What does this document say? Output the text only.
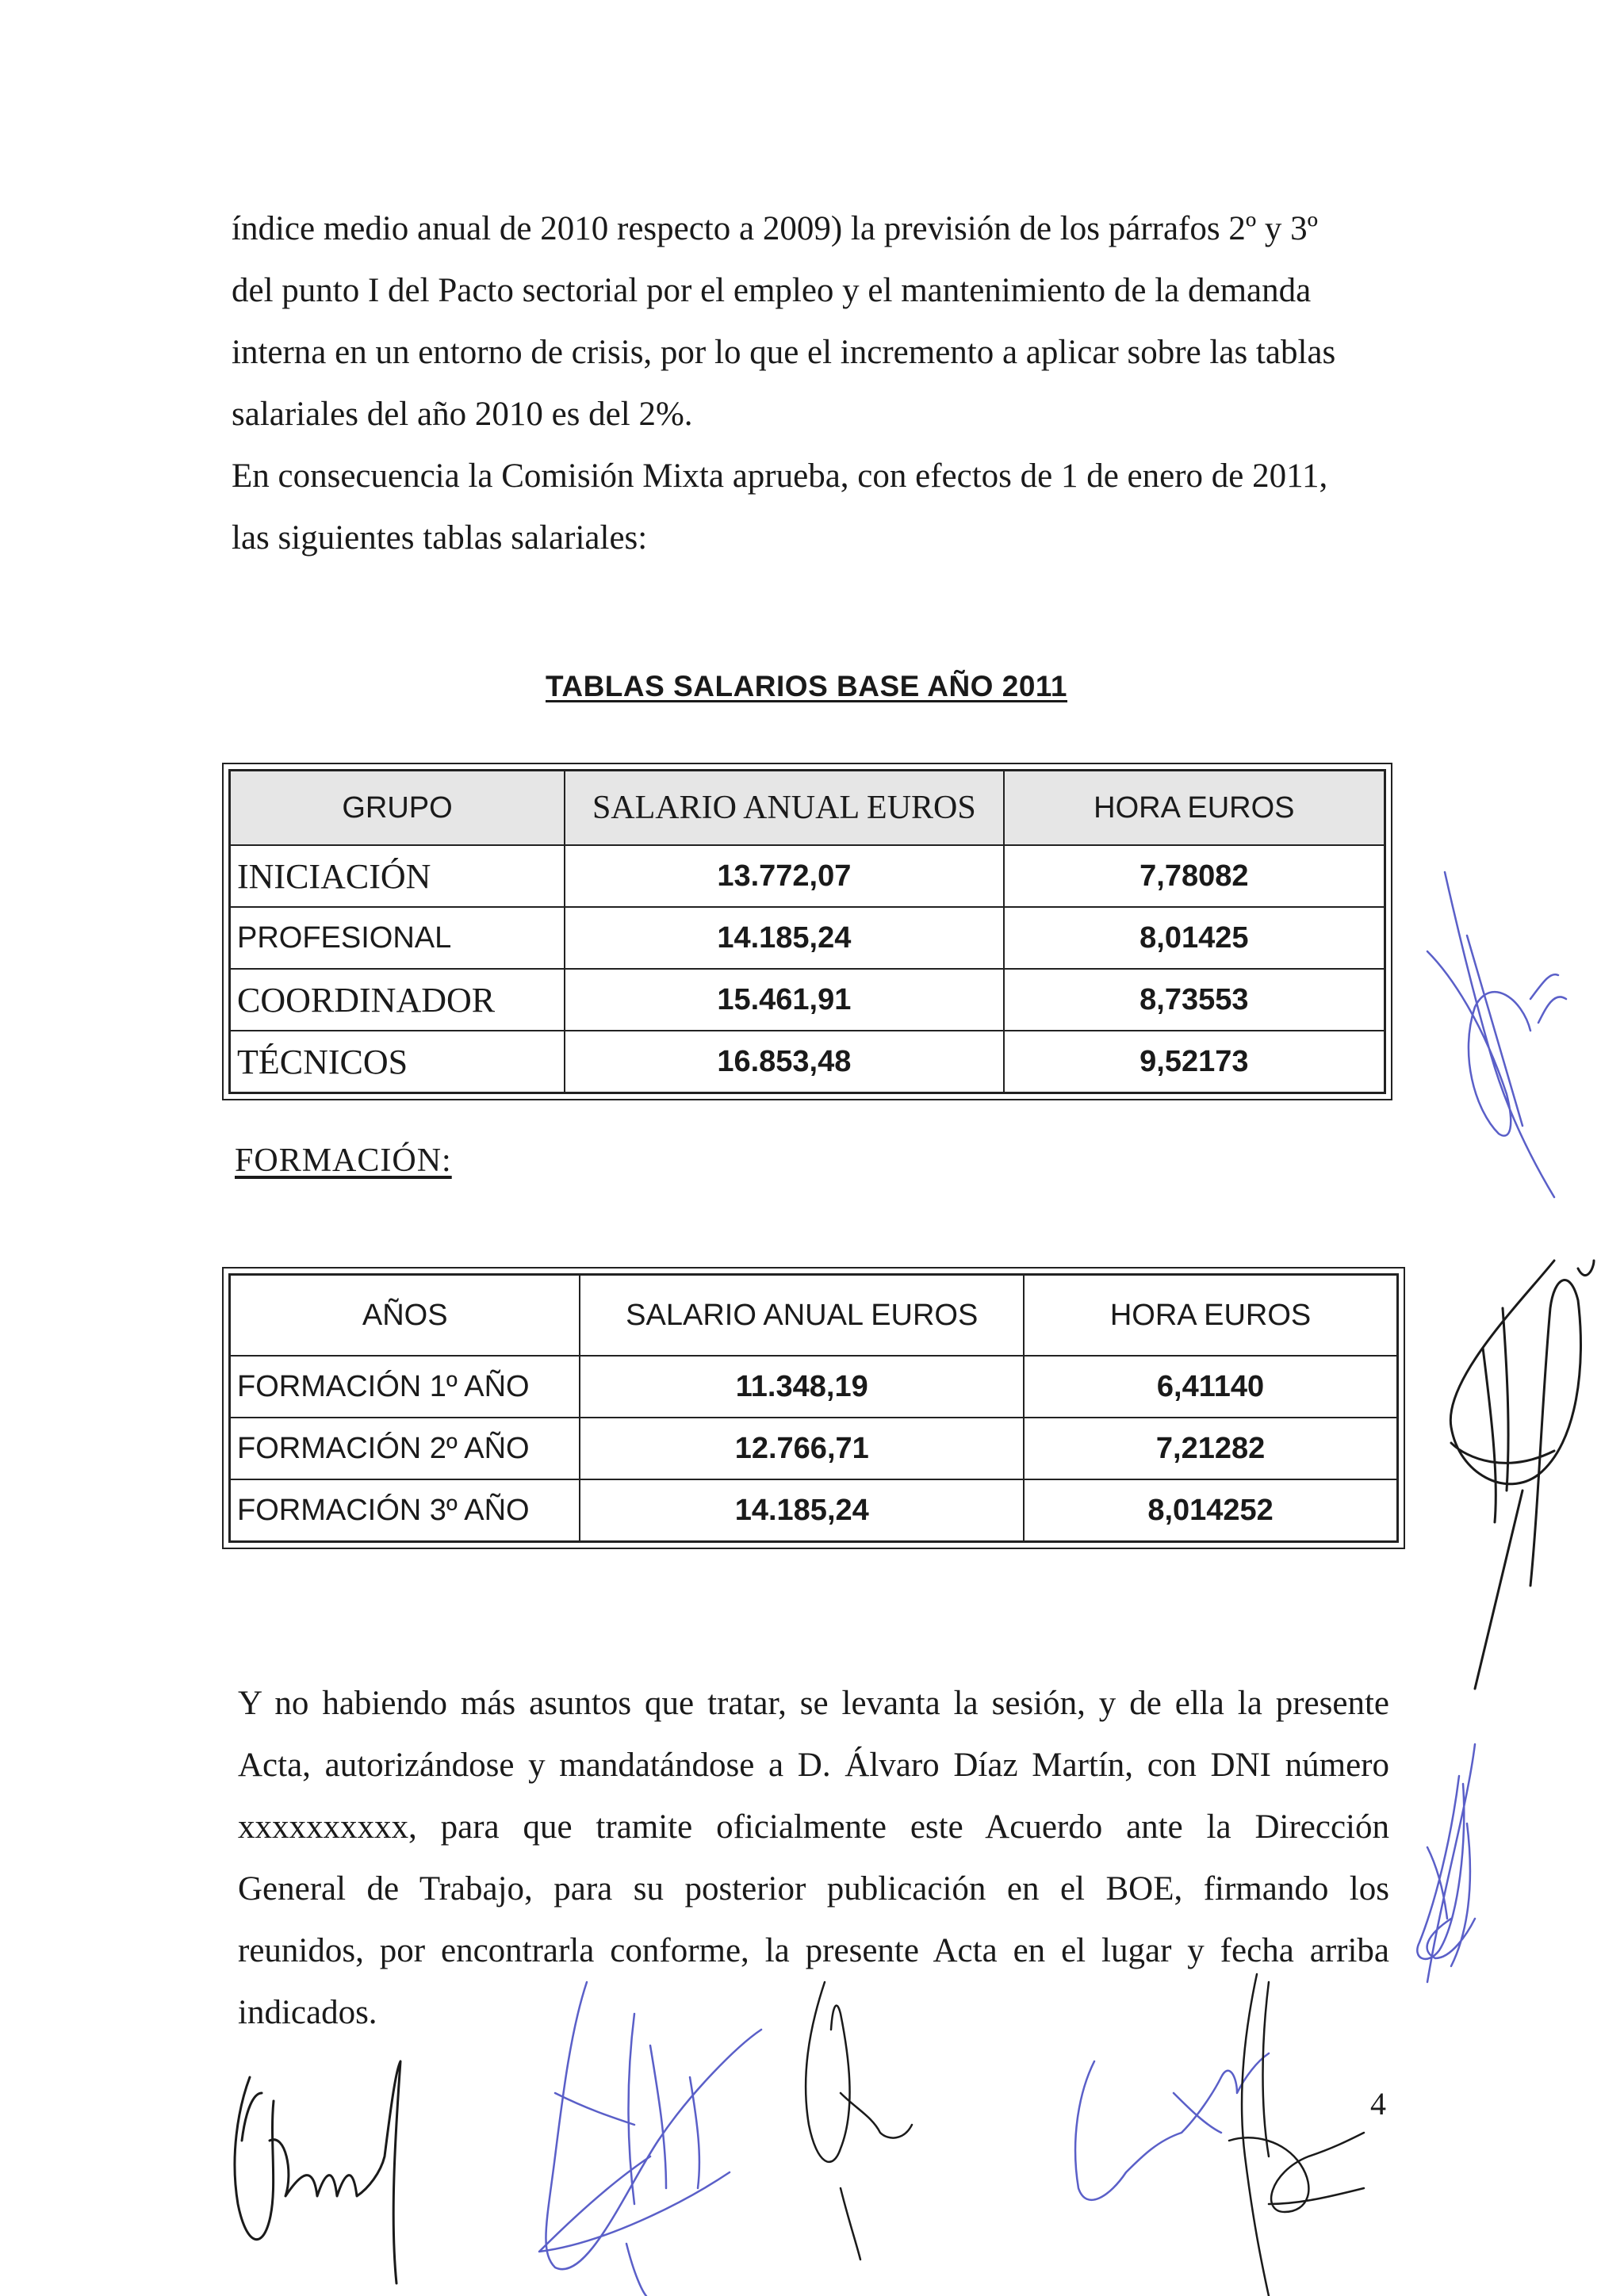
índice medio anual de 2010 respecto a 2009) la previsión de los párrafos 2º y 3º
del punto I del Pacto sectorial por el empleo y el mantenimiento de la demanda
interna en un entorno de crisis, por lo que el incremento a aplicar sobre las tablas
salariales del año 2010 es del 2%.
En consecuencia la Comisión Mixta aprueba, con efectos de 1 de enero de 2011,
las siguientes tablas salariales:
TABLAS SALARIOS BASE AÑO 2011
GRUPO	SALARIO ANUAL EUROS	HORA EUROS
INICIACIÓN	13.772,07	7,78082
PROFESIONAL	14.185,24	8,01425
COORDINADOR	15.461,91	8,73553
TÉCNICOS	16.853,48	9,52173
FORMACIÓN:
AÑOS	SALARIO ANUAL EUROS	HORA EUROS
FORMACIÓN 1º AÑO	11.348,19	6,41140
FORMACIÓN 2º AÑO	12.766,71	7,21282
FORMACIÓN 3º AÑO	14.185,24	8,014252
Y no habiendo más asuntos que tratar, se levanta la sesión, y de ella la presente
Acta, autorizándose y mandatándose a D. Álvaro Díaz Martín, con DNI número
xxxxxxxxxx, para que tramite oficialmente este Acuerdo ante la Dirección
General de Trabajo, para su posterior publicación en el BOE, firmando los
reunidos, por encontrarla conforme, la presente Acta en el lugar y fecha arriba
indicados.
4
